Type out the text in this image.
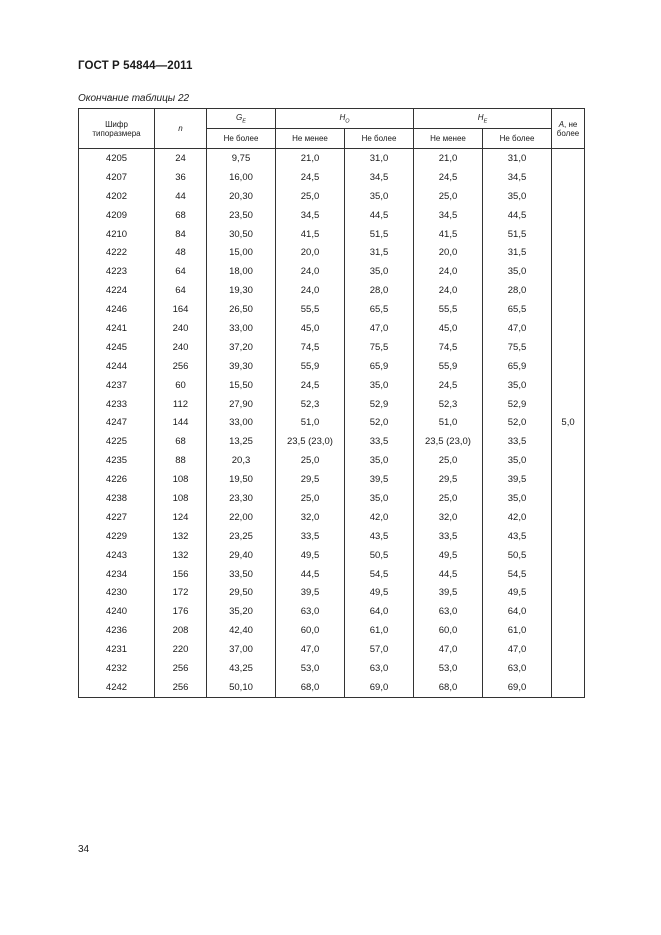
ГОСТ Р 54844—2011
Окончание таблицы 22
Шифр типоразмера	n	$G_E$	$H_O$		$H_E$		A, не более
		Не более	Не менее	Не более	Не менее	Не более	
4205	24	9,75	21,0	31,0	21,0	31,0	5,0
4207	36	16,00	24,5	34,5	24,5	34,5	
4202	44	20,30	25,0	35,0	25,0	35,0	
4209	68	23,50	34,5	44,5	34,5	44,5	
4210	84	30,50	41,5	51,5	41,5	51,5	
4222	48	15,00	20,0	31,5	20,0	31,5	
4223	64	18,00	24,0	35,0	24,0	35,0	
4224	64	19,30	24,0	28,0	24,0	28,0	
4246	164	26,50	55,5	65,5	55,5	65,5	
4241	240	33,00	45,0	47,0	45,0	47,0	
4245	240	37,20	74,5	75,5	74,5	75,5	
4244	256	39,30	55,9	65,9	55,9	65,9	
4237	60	15,50	24,5	35,0	24,5	35,0	
4233	112	27,90	52,3	52,9	52,3	52,9	
4247	144	33,00	51,0	52,0	51,0	52,0	
4225	68	13,25	23,5 (23,0)	33,5	23,5 (23,0)	33,5	
4235	88	20,3	25,0	35,0	25,0	35,0	
4226	108	19,50	29,5	39,5	29,5	39,5	
4238	108	23,30	25,0	35,0	25,0	35,0	
4227	124	22,00	32,0	42,0	32,0	42,0	
4229	132	23,25	33,5	43,5	33,5	43,5	
4243	132	29,40	49,5	50,5	49,5	50,5	
4234	156	33,50	44,5	54,5	44,5	54,5	
4230	172	29,50	39,5	49,5	39,5	49,5	
4240	176	35,20	63,0	64,0	63,0	64,0	
4236	208	42,40	60,0	61,0	60,0	61,0	
4231	220	37,00	47,0	57,0	47,0	47,0	
4232	256	43,25	53,0	63,0	53,0	63,0	
4242	256	50,10	68,0	69,0	68,0	69,0	
34
